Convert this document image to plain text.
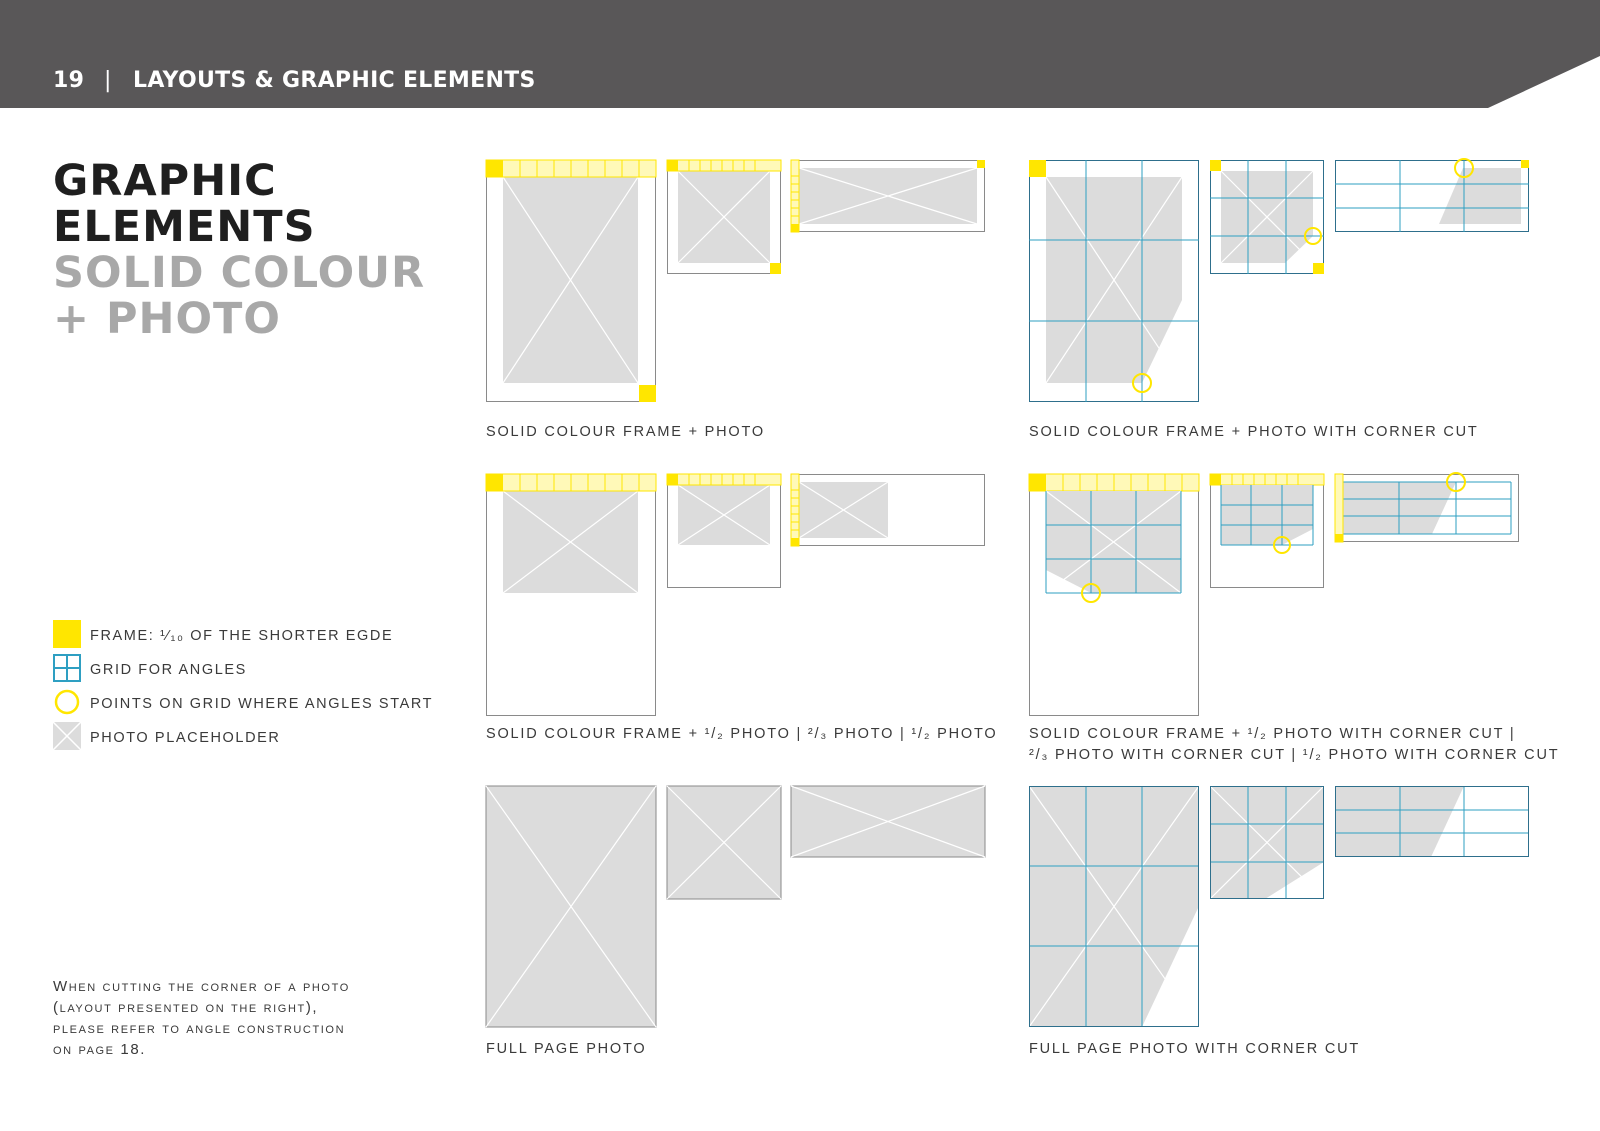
19 | LAYOUTS & GRAPHIC ELEMENTS
GRAPHIC
ELEMENTS
SOLID COLOUR
+ PHOTO
FRAME: ¹⁄₁₀ OF THE SHORTER EGDE
GRID FOR ANGLES
POINTS ON GRID WHERE ANGLES START
PHOTO PLACEHOLDER

When cutting the corner of a photo
(layout presented on the right),
please refer to angle construction
on page 18.

SOLID COLOUR FRAME + PHOTO	SOLID COLOUR FRAME + PHOTO WITH CORNER CUT
SOLID COLOUR FRAME + ¹/₂ PHOTO | ²/₃ PHOTO | ¹/₂ PHOTO SOLID COLOUR FRAME + ¹/₂ PHOTO WITH CORNER CUT |
²/₃ PHOTO WITH CORNER CUT | ¹/₂ PHOTO WITH CORNER CUT
FULL PAGE PHOTO	FULL PAGE PHOTO WITH CORNER CUT
